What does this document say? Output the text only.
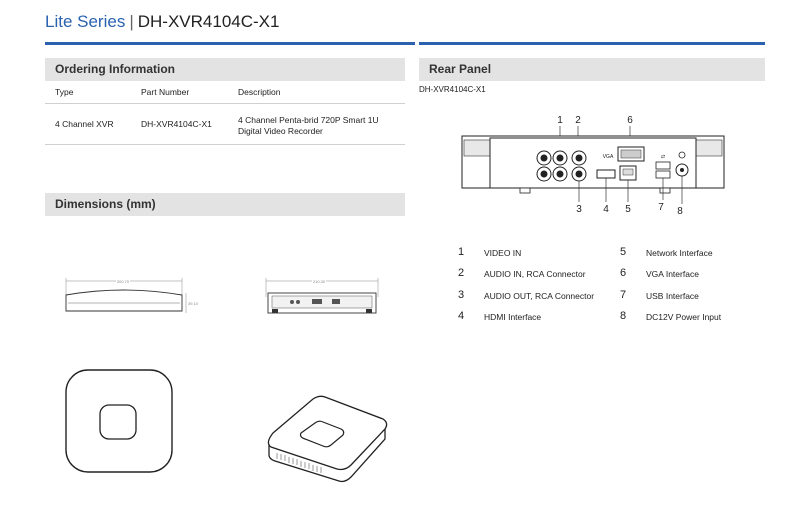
Lite Series | DH-XVR4104C-X1
Ordering Information
Type	Part Number	Description
4 Channel XVR	DH-XVR4104C-X1	4 Channel Penta-brid 720P Smart 1U
Digital Video Recorder
Dimensions (mm)
200.70
39.10
210.30
Rear Panel
DH-XVR4104C-X1
1 2	6
VGA	⇄
3 4 5	7 8
1 VIDEO IN
2 AUDIO IN, RCA Connector
3 AUDIO OUT, RCA Connector
4 HDMI Interface
5 Network Interface
6 VGA Interface
7 USB Interface
8 DC12V Power Input
